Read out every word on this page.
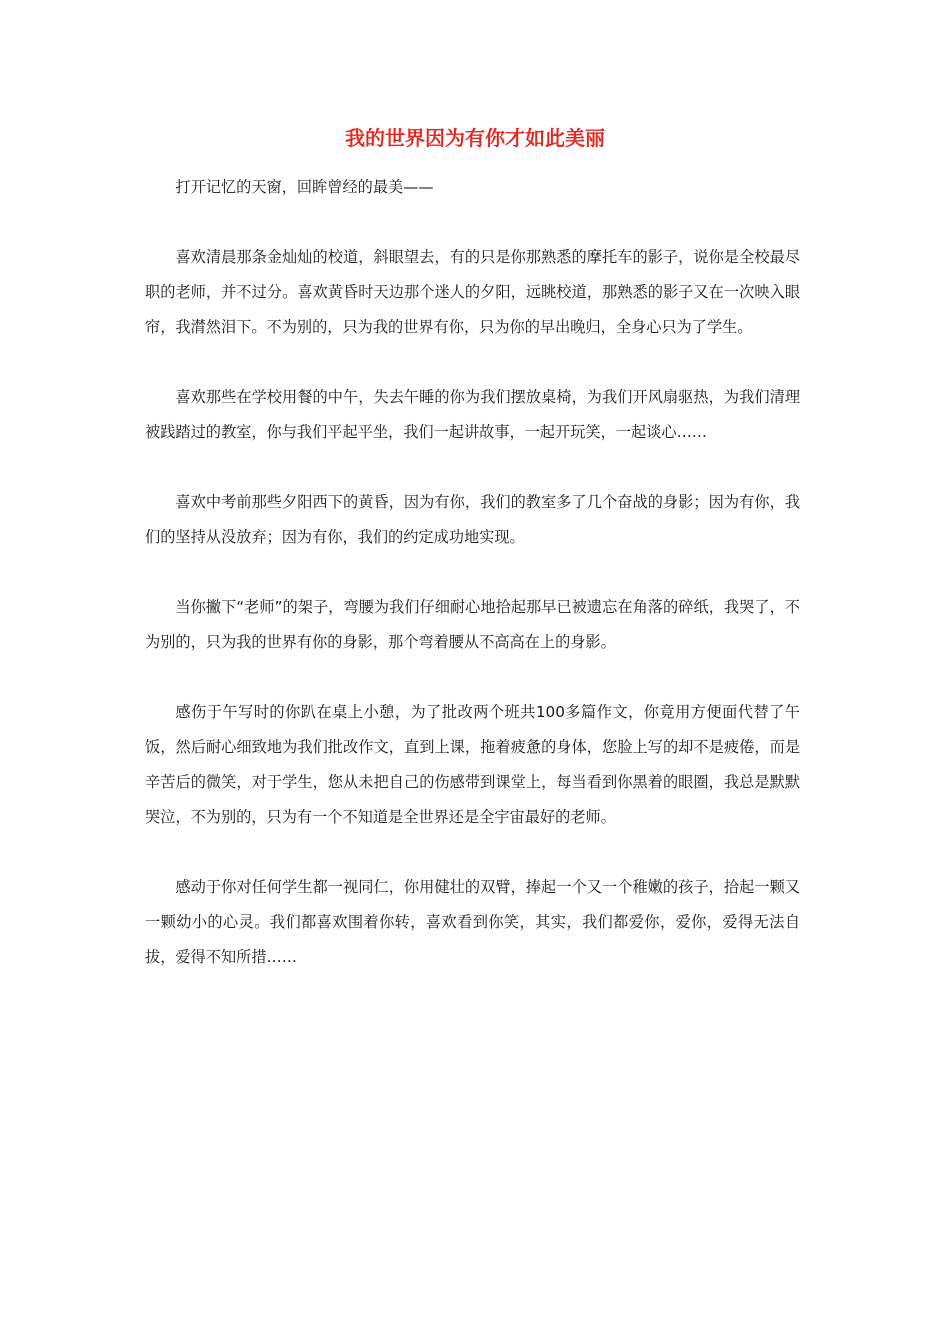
我的世界因为有你才如此美丽

打开记忆的天窗，回眸曾经的最美——

喜欢清晨那条金灿灿的校道，斜眼望去，有的只是你那熟悉的摩托车的影子，说你是全校最尽职的老师，并不过分。喜欢黄昏时天边那个迷人的夕阳，远眺校道，那熟悉的影子又在一次映入眼帘，我潸然泪下。不为别的，只为我的世界有你，只为你的早出晚归，全身心只为了学生。

喜欢那些在学校用餐的中午，失去午睡的你为我们摆放桌椅，为我们开风扇驱热，为我们清理被践踏过的教室，你与我们平起平坐，我们一起讲故事，一起开玩笑，一起谈心……

喜欢中考前那些夕阳西下的黄昏，因为有你，我们的教室多了几个奋战的身影；因为有你，我们的坚持从没放弃；因为有你，我们的约定成功地实现。

当你撇下“老师”的架子，弯腰为我们仔细耐心地拾起那早已被遗忘在角落的碎纸，我哭了，不为别的，只为我的世界有你的身影，那个弯着腰从不高高在上的身影。

感伤于午写时的你趴在桌上小憩，为了批改两个班共100多篇作文，你竟用方便面代替了午饭，然后耐心细致地为我们批改作文，直到上课，拖着疲惫的身体，您脸上写的却不是疲倦，而是辛苦后的微笑，对于学生，您从未把自己的伤感带到课堂上，每当看到你黑着的眼圈，我总是默默哭泣，不为别的，只为有一个不知道是全世界还是全宇宙最好的老师。

感动于你对任何学生都一视同仁，你用健壮的双臂，捧起一个又一个稚嫩的孩子，拾起一颗又一颗幼小的心灵。我们都喜欢围着你转，喜欢看到你笑，其实，我们都爱你，爱你，爱得无法自拔，爱得不知所措……
